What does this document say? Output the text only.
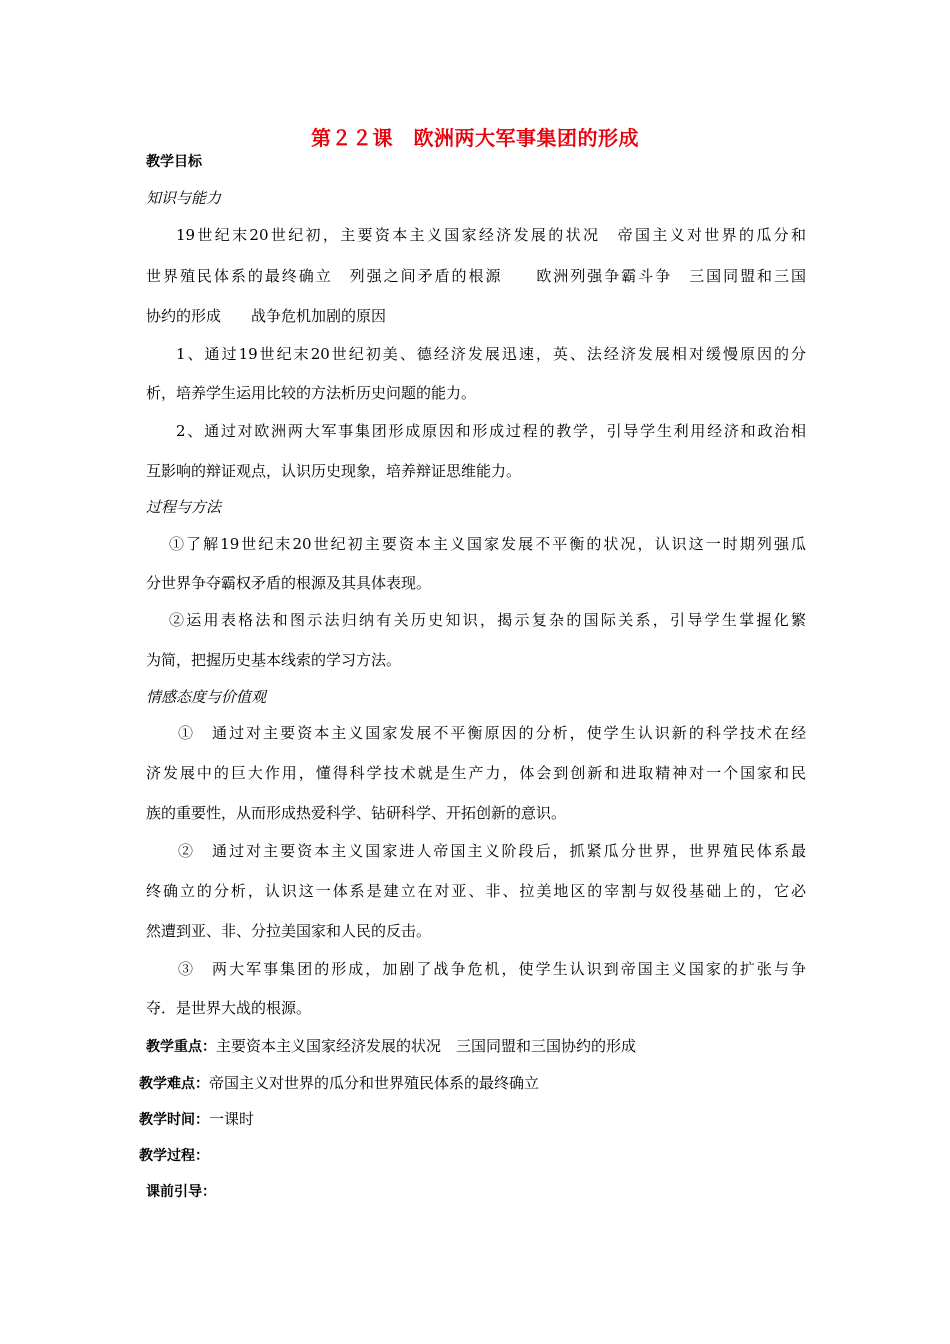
第２２课　欧洲两大军事集团的形成
教学目标
知识与能力
19世纪末20世纪初，主要资本主义国家经济发展的状况　帝国主义对世界的瓜分和
世界殖民体系的最终确立　列强之间矛盾的根源　　欧洲列强争霸斗争　三国同盟和三国
协约的形成　　战争危机加剧的原因
1、通过19世纪末20世纪初美、德经济发展迅速，英、法经济发展相对缓慢原因的分
析，培养学生运用比较的方法析历史问题的能力。
2、通过对欧洲两大军事集团形成原因和形成过程的教学，引导学生利用经济和政治相
互影响的辩证观点，认识历史现象，培养辩证思维能力。
过程与方法
①了解19世纪末20世纪初主要资本主义国家发展不平衡的状况，认识这一时期列强瓜
分世界争夺霸权矛盾的根源及其具体表现。
②运用表格法和图示法归纳有关历史知识，揭示复杂的国际关系，引导学生掌握化繁
为简，把握历史基本线索的学习方法。
情感态度与价值观
①　通过对主要资本主义国家发展不平衡原因的分析，使学生认识新的科学技术在经
济发展中的巨大作用，懂得科学技术就是生产力，体会到创新和进取精神对一个国家和民
族的重要性，从而形成热爱科学、钻研科学、开拓创新的意识。
②　通过对主要资本主义国家进人帝国主义阶段后，抓紧瓜分世界，世界殖民体系最
终确立的分析，认识这一体系是建立在对亚、非、拉美地区的宰割与奴役基础上的，它必
然遭到亚、非、分拉美国家和人民的反击。
③　两大军事集团的形成，加剧了战争危机，使学生认识到帝国主义国家的扩张与争
夺．是世界大战的根源。
教学重点：主要资本主义国家经济发展的状况　三国同盟和三国协约的形成
教学难点：帝国主义对世界的瓜分和世界殖民体系的最终确立
教学时间：一课时
教学过程：
课前引导：
